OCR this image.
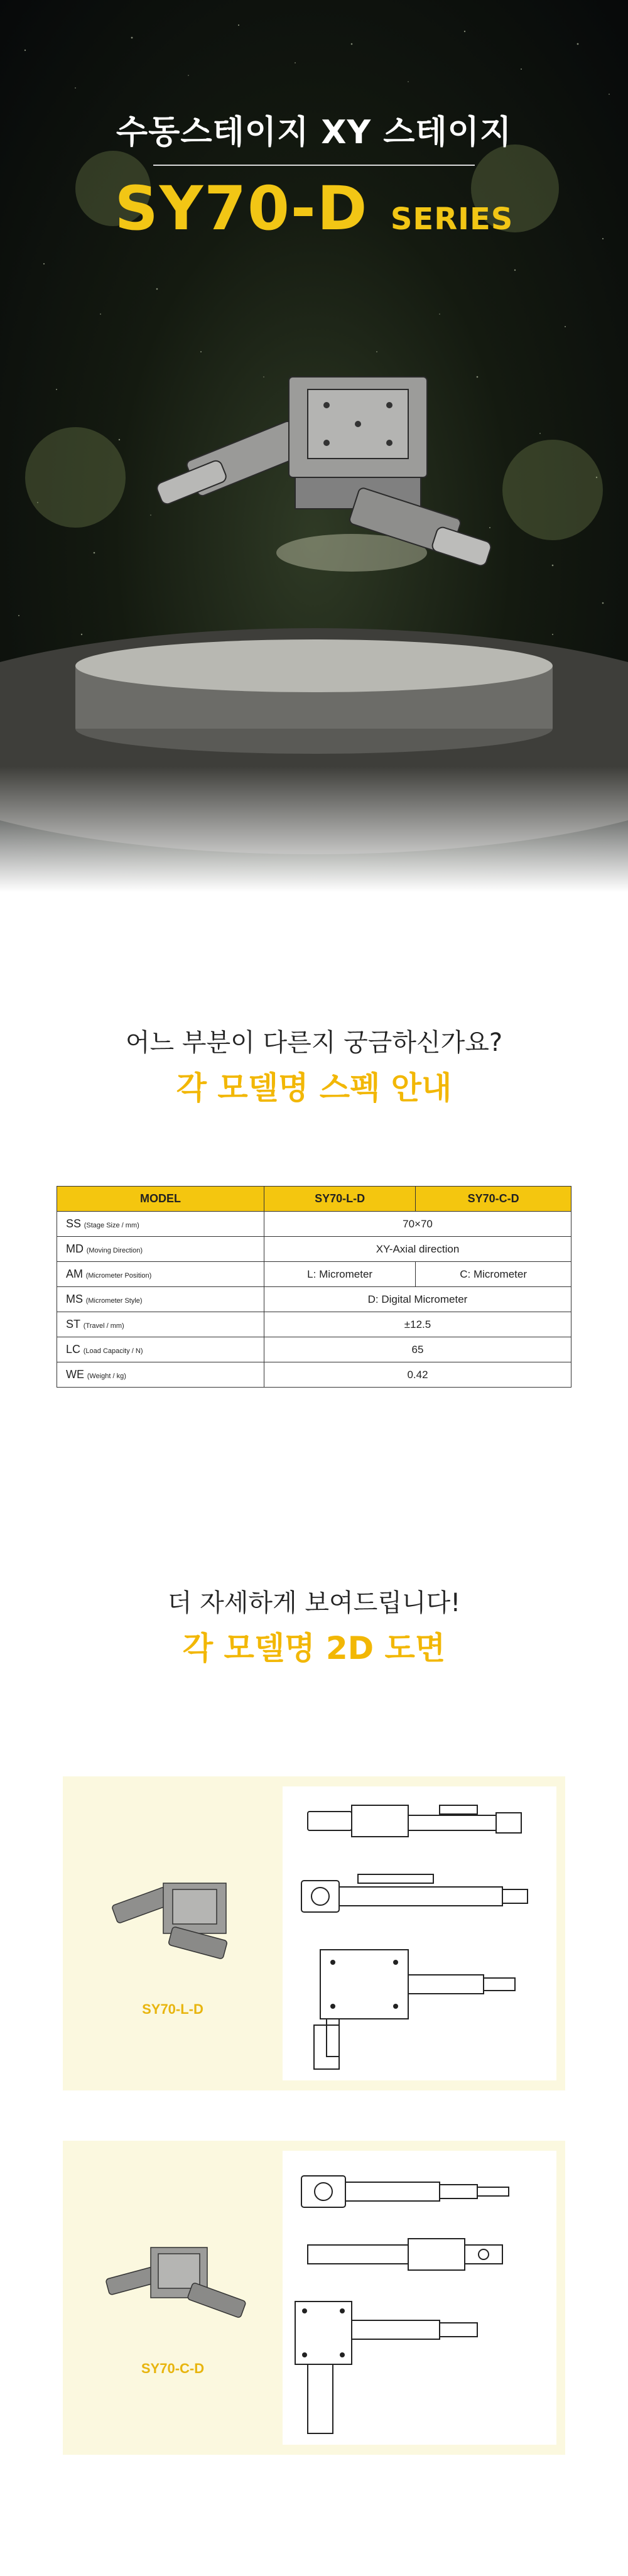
수동스테이지 XY 스테이지
SY70-D SERIES
어느 부분이 다른지 궁금하신가요?
각 모델명 스펙 안내
MODEL	SY70-L-D	SY70-C-D
SS (Stage Size / mm)	70×70	
MD (Moving Direction)	XY-Axial direction	
AM (Micrometer Position)	L: Micrometer	C: Micrometer
MS (Micrometer Style)	D: Digital Micrometer	
ST (Travel / mm)	±12.5	
LC (Load Capacity / N)	65	
WE (Weight / kg)	0.42	
더 자세하게 보여드립니다!
각 모델명 2D 도면
SY70-L-D
SY70-C-D
